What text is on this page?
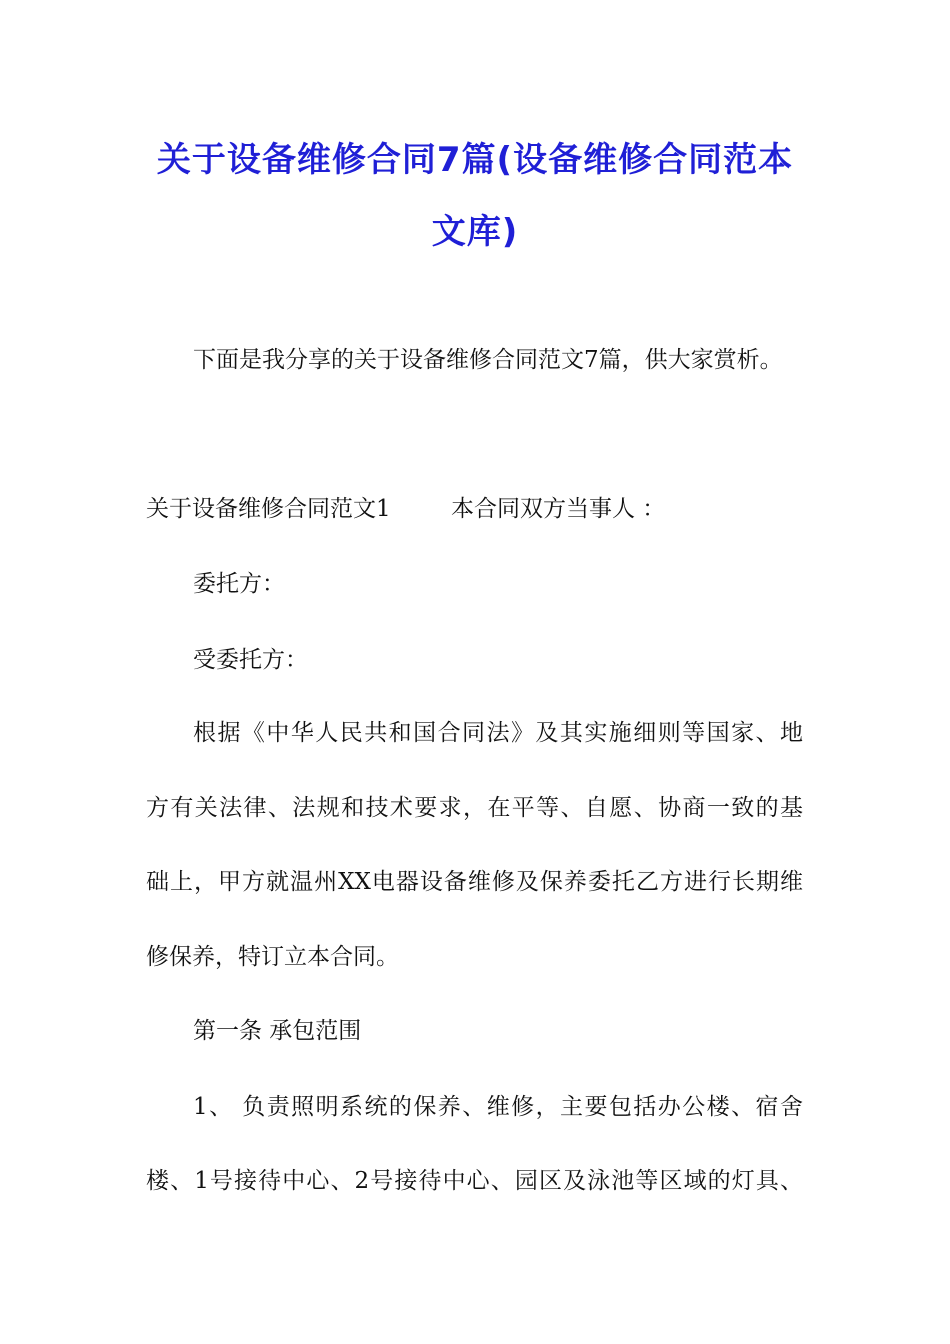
关于设备维修合同7篇(设备维修合同范本
文库)
下面是我分享的关于设备维修合同范文7篇，供大家赏析。
关于设备维修合同范文1	本合同双方当事人 ：
委托方：
受委托方：
根据《中华人民共和国合同法》及其实施细则等国家、地
方有关法律、法规和技术要求，在平等、自愿、协商一致的基
础上，甲方就温州XX电器设备维修及保养委托乙方进行长期维
修保养，特订立本合同。
第一条 承包范围
1、 负责照明系统的保养、维修，主要包括办公楼、宿舍
楼、1号接待中心、2号接待中心、园区及泳池等区域的灯具、
